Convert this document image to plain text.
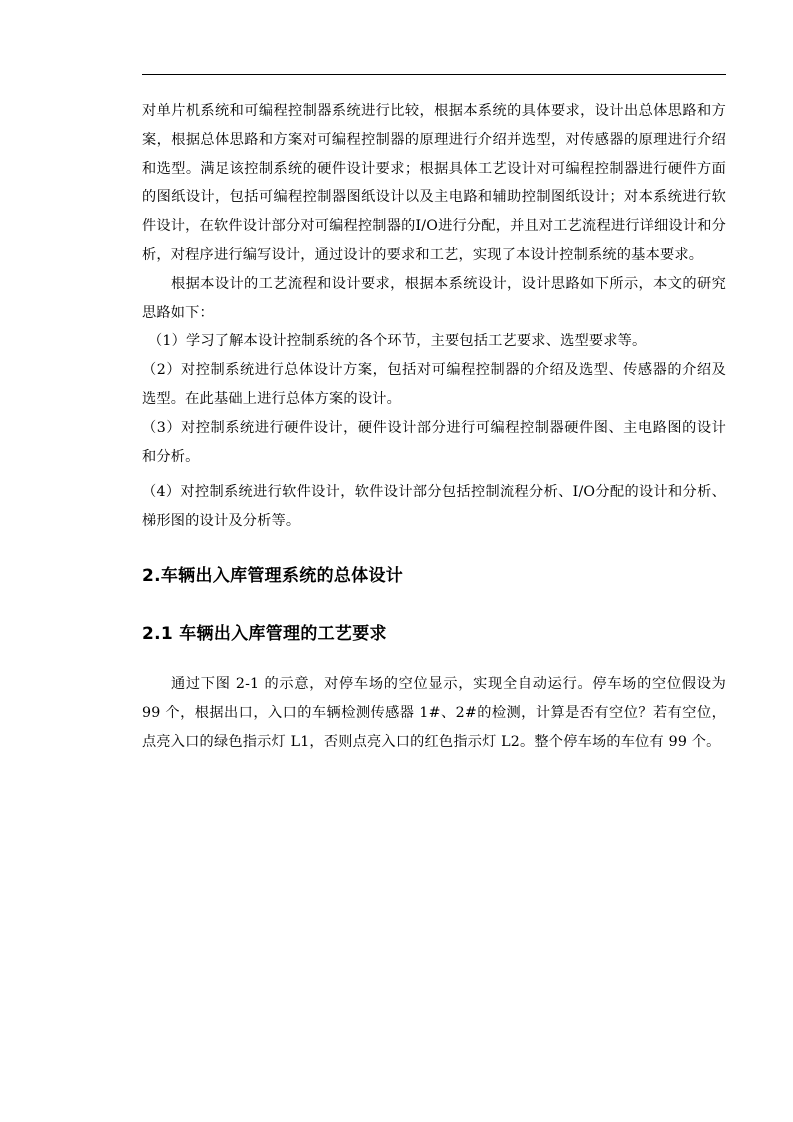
对单片机系统和可编程控制器系统进行比较，根据本系统的具体要求，设计出总体思路和方案，根据总体思路和方案对可编程控制器的原理进行介绍并选型，对传感器的原理进行介绍和选型。满足该控制系统的硬件设计要求；根据具体工艺设计对可编程控制器进行硬件方面的图纸设计，包括可编程控制器图纸设计以及主电路和辅助控制图纸设计；对本系统进行软件设计，在软件设计部分对可编程控制器的I/O进行分配，并且对工艺流程进行详细设计和分析，对程序进行编写设计，通过设计的要求和工艺，实现了本设计控制系统的基本要求。

根据本设计的工艺流程和设计要求，根据本系统设计，设计思路如下所示，本文的研究思路如下：

（1）学习了解本设计控制系统的各个环节，主要包括工艺要求、选型要求等。

（2）对控制系统进行总体设计方案，包括对可编程控制器的介绍及选型、传感器的介绍及选型。在此基础上进行总体方案的设计。

（3）对控制系统进行硬件设计，硬件设计部分进行可编程控制器硬件图、主电路图的设计和分析。

（4）对控制系统进行软件设计，软件设计部分包括控制流程分析、I/O分配的设计和分析、梯形图的设计及分析等。

2.车辆出入库管理系统的总体设计
2.1 车辆出入库管理的工艺要求

通过下图 2-1 的示意，对停车场的空位显示，实现全自动运行。停车场的空位假设为 99 个，根据出口，入口的车辆检测传感器 1#、2#的检测，计算是否有空位？若有空位，点亮入口的绿色指示灯 L1，否则点亮入口的红色指示灯 L2。整个停车场的车位有 99 个。
